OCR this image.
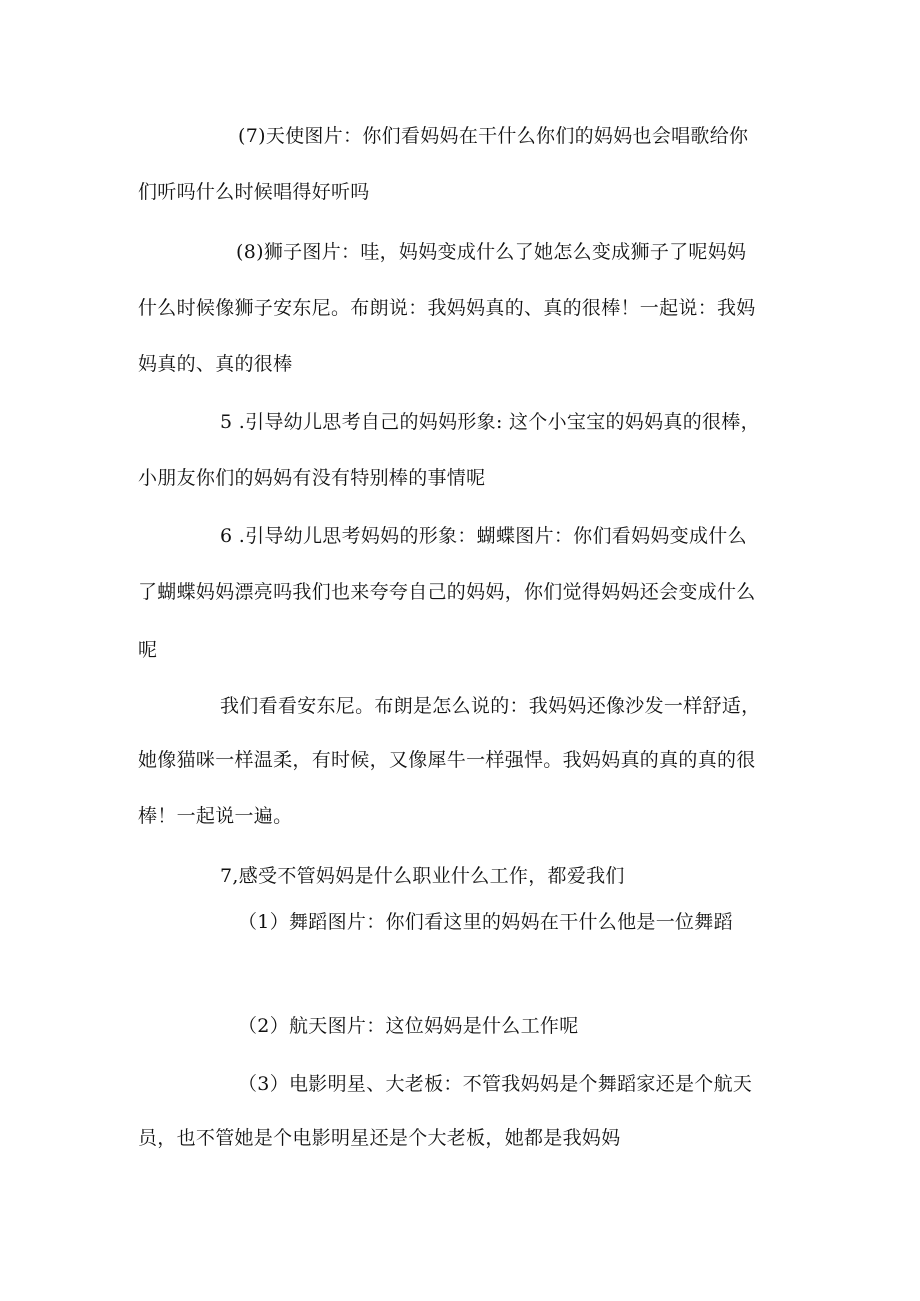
(7)天使图片：你们看妈妈在干什么你们的妈妈也会唱歌给你
们听吗什么时候唱得好听吗
(8)狮子图片：哇，妈妈变成什么了她怎么变成狮子了呢妈妈
什么时候像狮子安东尼。布朗说：我妈妈真的、真的很棒！一起说：我妈
妈真的、真的很棒
5 .引导幼儿思考自己的妈妈形象: 这个小宝宝的妈妈真的很棒，
小朋友你们的妈妈有没有特别棒的事情呢
6 .引导幼儿思考妈妈的形象：蝴蝶图片：你们看妈妈变成什么
了蝴蝶妈妈漂亮吗我们也来夸夸自己的妈妈，你们觉得妈妈还会变成什么
呢
我们看看安东尼。布朗是怎么说的：我妈妈还像沙发一样舒适，
她像猫咪一样温柔，有时候，又像犀牛一样强悍。我妈妈真的真的真的很
棒！一起说一遍。
7,感受不管妈妈是什么职业什么工作，都爱我们
（1）舞蹈图片：你们看这里的妈妈在干什么他是一位舞蹈
（2）航天图片：这位妈妈是什么工作呢
（3）电影明星、大老板：不管我妈妈是个舞蹈家还是个航天
员，也不管她是个电影明星还是个大老板，她都是我妈妈
